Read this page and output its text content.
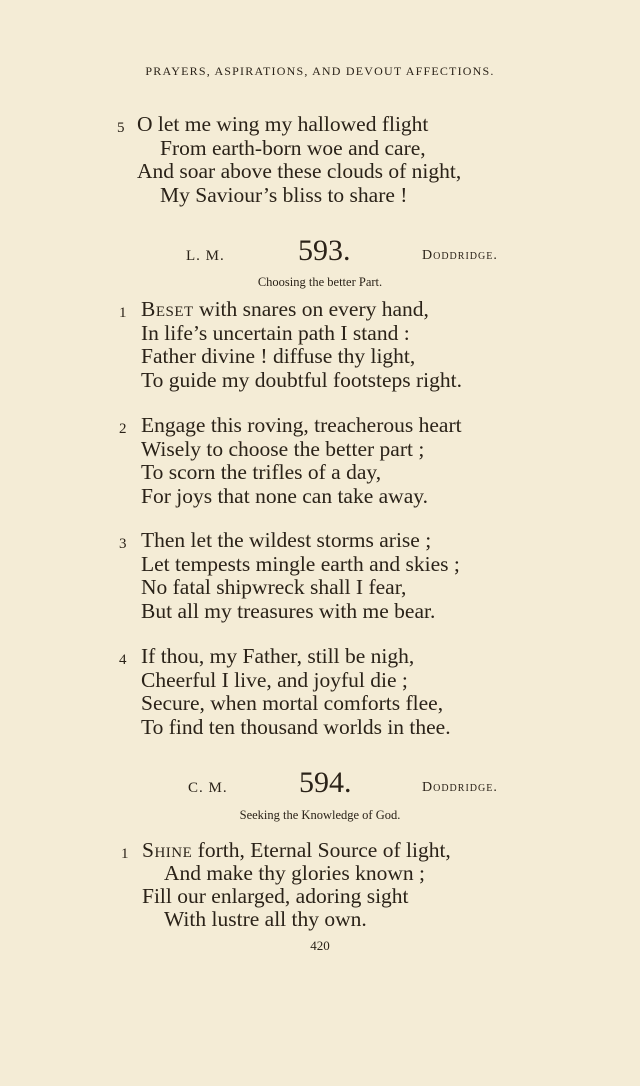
PRAYERS, ASPIRATIONS, AND DEVOUT AFFECTIONS.
5 O let me wing my hallowed flight
From earth-born woe and care,
And soar above these clouds of night,
My Saviour’s bliss to share !
L. M. 593.	Doddridge.
Choosing the better Part.
1 Beset with snares on every hand,
In life’s uncertain path I stand :
Father divine ! diffuse thy light,
To guide my doubtful footsteps right.
2 Engage this roving, treacherous heart
Wisely to choose the better part ;
To scorn the trifles of a day,
For joys that none can take away.
3 Then let the wildest storms arise ;
Let tempests mingle earth and skies ;
No fatal shipwreck shall I fear,
But all my treasures with me bear.
4 If thou, my Father, still be nigh,
Cheerful I live, and joyful die ;
Secure, when mortal comforts flee,
To find ten thousand worlds in thee.
C. M. 594.	Doddridge.
Seeking the Knowledge of God.
1 Shine forth, Eternal Source of light,
And make thy glories known ;
Fill our enlarged, adoring sight
With lustre all thy own.
420
